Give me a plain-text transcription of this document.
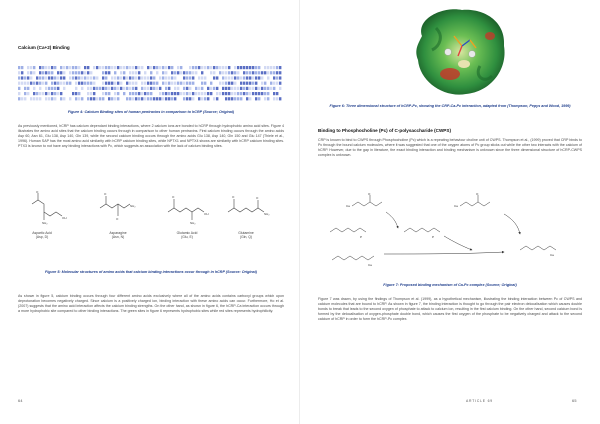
Calcium (Ca+2) Binding
Figure 4: Calcium Binding sites of human pentraxins in comparison to hCRP (Source; Original)
As previously mentioned, hCRP has calcium dependant binding interactions, where 2 calcium ions are bonded to hCRP through hydrophobic amino acid sites. Figure 4 illustrates the amino acid sites that the calcium binding occurs through in comparison to other human pentraxins. First calcium binding occurs through the amino acids Asp 60, Asn 61, Glu 138, Asp 140, Gln 139, while the second calcium binding occurs through the amino acids Glu 138, Asp 140, Gln 150 and Glu 147 (Thiele et al., 1996). Human SAP has the most amino acid similarity with hCRP calcium binding sites, while NPTX1 and NPTX4 shows are similarity with hCRP calcium binding sites. PTX3 is known to not have any binding interactions with Pc, which suggests an association with the lack of calcium binding sites.
O
OH
NH₂
O
NH₂
O
O
OH
NH₂
O
NH₂
O
Aspartic Acid
(Asp, D)
Asparagine
(Asn, N)
Glutamic Acid
(Glu, E)
Glutamine
(Gln, Q)
Figure 5: Molecular structures of amino acids that calcium binding interactions occur through in hCRP (Source: Original)
As shown in figure 5, calcium binding occurs through four different amino acids exclusively where all of the amino acids contains carboxyl groups which upon deprotonation becomes negatively charged. Since calcium is a positively charged ion, binding interaction with these amino acids can occur. Furthermore, Ho et al. (2007) suggests that the amino acid interaction affects the calcium binding strengths. On the other hand, as shown in figure 6, the hCRP-Ca interaction occurs through a more hydrophobic site compared to other binding interactions. The green sites in figure 6 represents hydrophobic sites while red sites represents hydrophilicity.
64
Figure 6: Three dimensional structure of hCRP-Pc, showing the CRP-Ca-Pc interaction, adapted from (Thompson, Pepys and Wood, 1999)
Binding to Phosphocholine (Pc) of C-polysaccharide (CWPS)
CRP is known to bind to CWPS through Phosphocholine (Pc) which is a repeating behaviour choline unit of CWPS. Thompson et al., (1999) proved that CRP binds to Pc through the bound calcium molecules, where it was suggested that one of the oxygen atoms of Pc group sticks out while the other two interacts with the calcium of hCRP. However, due to the gap in literature, the exact binding interaction and binding mechanism is unknown since the three dimensional structure of hCRP-CWPS complex is unknown.
Ca	Ca
P	P
Ca
Ca
O	O
Figure 7: Proposed binding mechanism of Ca-Pc complex (Source; Original)
Figure 7 was drawn, by using the findings of Thompson et al. (1999), as a hypothetical mechanism, illustrating the binding interaction between Pc of CWPS and calcium molecules that are bound to hCRP. As shown in figure 7, the binding interaction is thought to go through the pair electron delocalisation which causes double bonds to break that leads to the second oxygen of phosphate to attack to calcium ion, resulting in the first calcium binding. On the other hand, second calcium bond is formed by the delocalisation of oxygen-phosphate double bond, which causes the first oxygen of the phosphate to be negatively charged and attack to the second calcium of hCRP in order to form the hCRP-Pc complex.
ARTICLE 69	65
